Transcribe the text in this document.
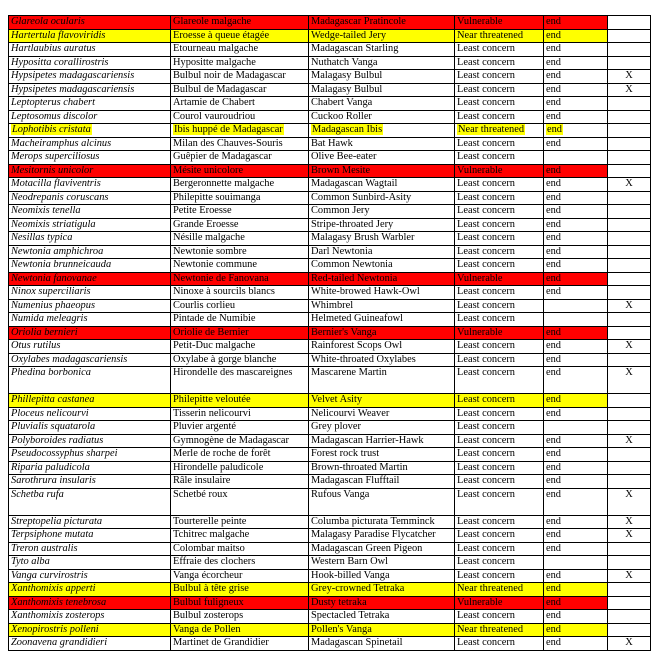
Glareola ocularis	Glareole malgache	Madagascar Pratincole	Vulnerable	end	
Hartertula flavoviridis	Eroesse à queue étagée	Wedge-tailed Jery	Near threatened	end	
Hartlaubius auratus	Etourneau malgache	Madagascan Starling	Least concern	end	
Hypositta corallirostris	Hyposittе malgache	Nuthatch Vanga	Least concern	end	
Hypsipetes madagascariensis	Bulbul noir de Madagascar	Malagasy Bulbul	Least concern	end	X
Hypsipetes madagascariensis	Bulbul de Madagascar	Malagasy Bulbul	Least concern	end	X
Leptopterus chabert	Artamie de Chabert	Chabert Vanga	Least concern	end	
Leptosomus discolor	Courol vauroudriou	Cuckoo Roller	Least concern	end	
Lophotibis cristata	Ibis huppé de Madagascar	Madagascan Ibis	Near threatened	end	
Macheiramphus alcinus	Milan des Chauves-Souris	Bat Hawk	Least concern	end	
Merops superciliosus	Guêpier de Madagascar	Olive Bee-eater	Least concern		
Mesitornis unicolor	Mésite unicolore	Brown Mesite	Vulnerable	end	
Motacilla flaviventris	Bergeronnette malgache	Madagascan Wagtail	Least concern	end	X
Neodrepanis coruscans	Philepitte souimanga	Common Sunbird-Asity	Least concern	end	
Neomixis tenella	Petite Eroesse	Common Jery	Least concern	end	
Neomixis striatigula	Grande Eroesse	Stripe-throated Jery	Least concern	end	
Nesillas typica	Nésille malgache	Malagasy Brush Warbler	Least concern	end	
Newtonia amphichroa	Newtonie sombre	Darl Newtonia	Least concern	end	
Newtonia brunneicauda	Newtonie commune	Common Newtonia	Least concern	end	
Newtonia fanovanae	Newtonie de Fanovana	Red-tailed Newtonia	Vulnerable	end	
Ninox superciliaris	Ninoxe à sourcils blancs	White-browed Hawk-Owl	Least concern	end	
Numenius phaeopus	Courlis corlieu	Whimbrel	Least concern		X
Numida meleagris	Pintade de Numibie	Helmeted Guineafowl	Least concern		
Oriolia bernieri	Oriolie de Bernier	Bernier's Vanga	Vulnerable	end	
Otus rutilus	Petit-Duc malgache	Rainforest Scops Owl	Least concern	end	X
Oxylabes madagascariensis	Oxylabe à gorge blanche	White-throated Oxylabes	Least concern	end	
Phedina borbonica	Hirondelle des mascareignes	Mascarene Martin	Least concern	end	X
Phillepitta castanea	Philepitte veloutée	Velvet Asity	Least concern	end	
Ploceus nelicourvi	Tisserin nelicourvi	Nelicourvi Weaver	Least concern	end	
Pluvialis squatarola	Pluvier argenté	Grey plover	Least concern		
Polyboroides radiatus	Gymnogène de Madagascar	Madagascan Harrier-Hawk	Least concern	end	X
Pseudocossyphus sharpei	Merle de roche de forêt	Forest rock trust	Least concern	end	
Riparia paludicola	Hirondelle paludicole	Brown-throated Martin	Least concern	end	
Sarothrura insularis	Râle insulaire	Madagascan Flufftail	Least concern	end	
Schetba rufa	Schetbé roux	Rufous Vanga	Least concern	end	X
Streptopelia picturata	Tourterelle peinte	Columba picturata Temminck	Least concern	end	X
Terpsiphone mutata	Tchitrec malgache	Malagasy Paradise Flycatcher	Least concern	end	X
Treron australis	Colombar maitso	Madagascan Green Pigeon	Least concern	end	
Tyto alba	Effraie des clochers	Western Barn Owl	Least concern		
Vanga curvirostris	Vanga écorcheur	Hook-billed Vanga	Least concern	end	X
Xanthomixis apperti	Bulbul à tête grise	Grey-crowned Tetraka	Near threatened	end	
Xanthomixis tenebrosa	Bulbul fuligneux	Dusty tetraka	Vulnerable	end	
Xanthomixis zosterops	Bulbul zosterops	Spectacled Tetraka	Least concern	end	
Xenopirostris polleni	Vanga de Pollen	Pollen's Vanga	Near threatened	end	
Zoonavena grandidieri	Martinet de Grandidier	Madagascan Spinetail	Least concern	end	X
